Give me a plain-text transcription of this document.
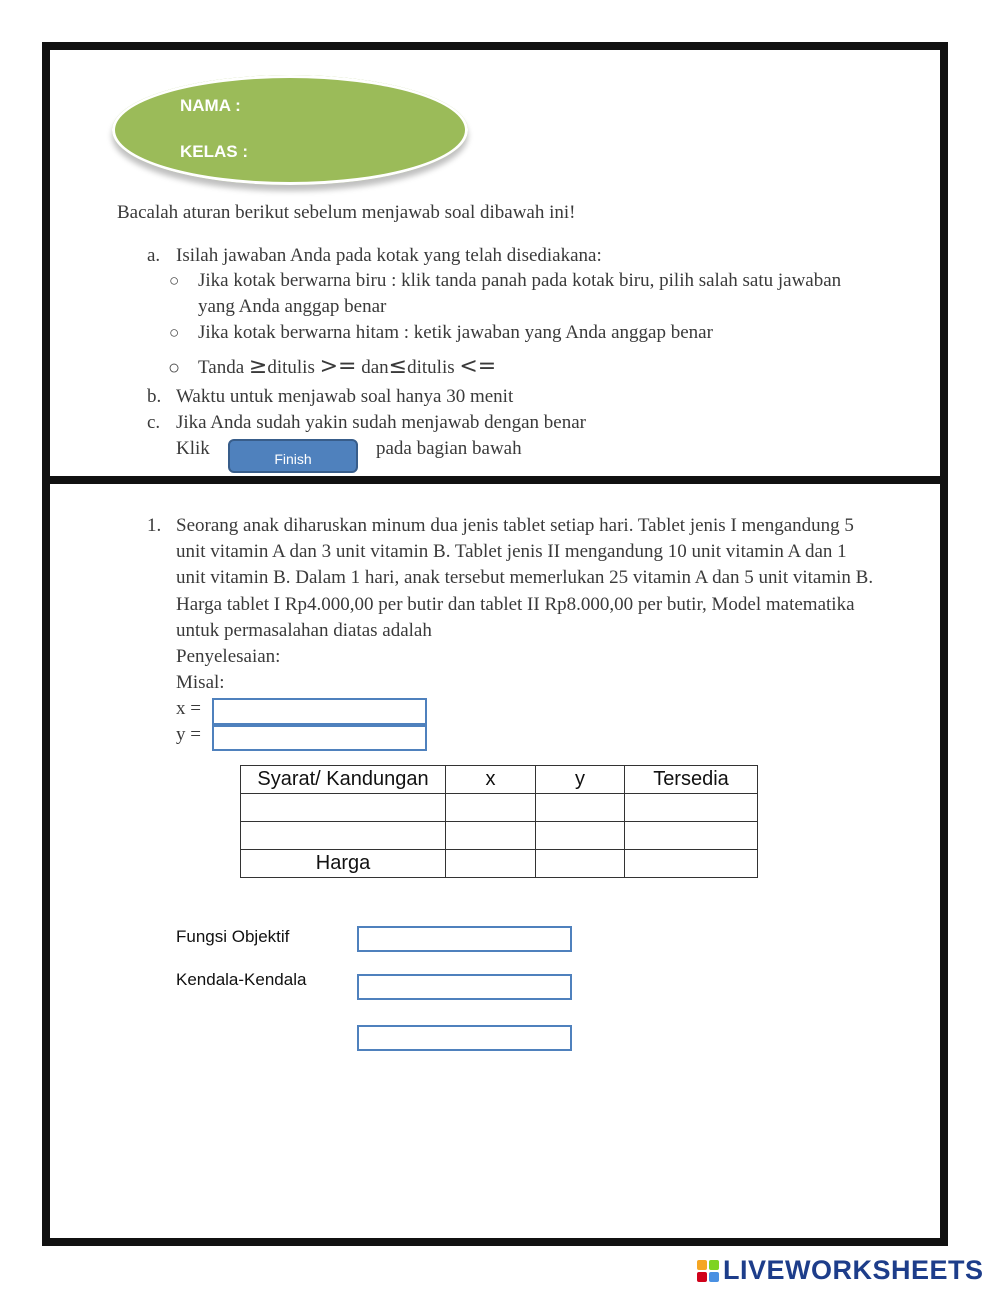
NAMA :
KELAS :
Bacalah aturan berikut sebelum menjawab soal dibawah ini!
a. Isilah jawaban Anda pada kotak yang telah disediakana:
○ Jika kotak berwarna biru : klik tanda panah pada kotak biru, pilih salah satu jawaban
yang Anda anggap benar
○ Jika kotak berwarna hitam : ketik jawaban yang Anda anggap benar
○ Tanda ≥ditulis >= dan≤ditulis <=
b. Waktu untuk menjawab soal hanya 30 menit
c. Jika Anda sudah yakin sudah menjawab dengan benar
Klik	Finish	pada bagian bawah
1. Seorang anak diharuskan minum dua jenis tablet setiap hari. Tablet jenis I mengandung 5 unit vitamin A dan 3 unit vitamin B. Tablet jenis II mengandung 10 unit vitamin A dan 1 unit vitamin B. Dalam 1 hari, anak tersebut memerlukan 25 vitamin A dan 5 unit vitamin B. Harga tablet I Rp4.000,00 per butir dan tablet II Rp8.000,00 per butir, Model matematika untuk permasalahan diatas adalah
Penyelesaian:
Misal:
x =
y =
Syarat/ Kandungan	x	y	Tersedia

Harga			
Fungsi Objektif
Kendala-Kendala
LIVEWORKSHEETS
